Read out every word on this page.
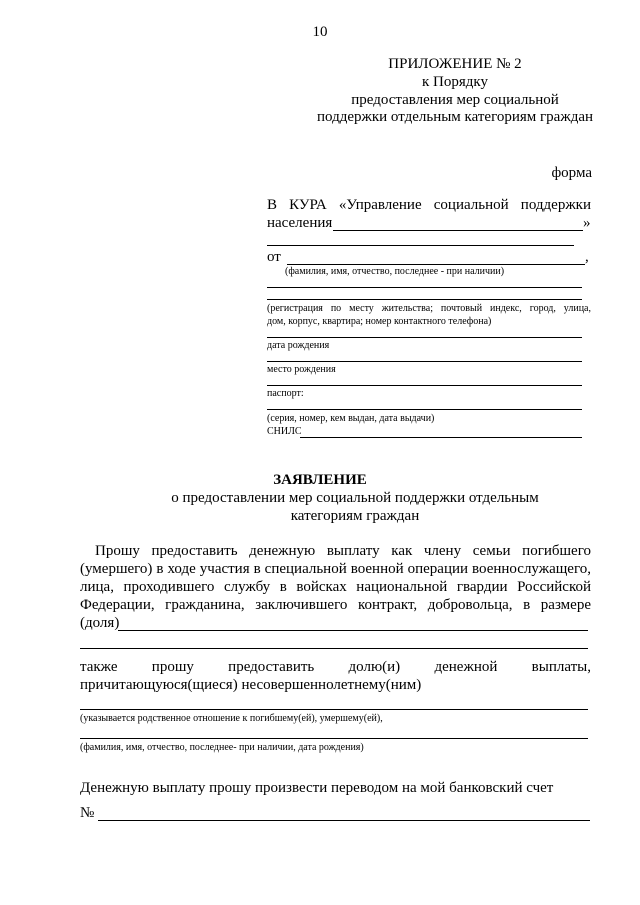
10
ПРИЛОЖЕНИЕ № 2
к Порядку
предоставления мер социальной
поддержки отдельным категориям граждан
форма
В КУРА «Управление социальной поддержки
населения	»
от	,
(фамилия, имя, отчество, последнее - при наличии)
(регистрация по месту жительства; почтовый индекс, город, улица,
дом, корпус, квартира; номер контактного телефона)
дата рождения
место рождения
паспорт:
(серия, номер, кем выдан, дата выдачи)
СНИЛС
ЗАЯВЛЕНИЕ
о предоставлении мер социальной поддержки отдельным
категориям граждан
Прошу предоставить денежную выплату как члену семьи погибшего
(умершего) в ходе участия в специальной военной операции военнослужащего,
лица, проходившего службу в войсках национальной гвардии Российской
Федерации, гражданина, заключившего контракт, добровольца, в размере
(доля)
также прошу предоставить долю(и) денежной выплаты,
причитающуюся(щиеся) несовершеннолетнему(ним)
(указывается родственное отношение к погибшему(ей), умершему(ей),
(фамилия, имя, отчество, последнее- при наличии, дата рождения)
Денежную выплату прошу произвести переводом на мой банковский счет
№
